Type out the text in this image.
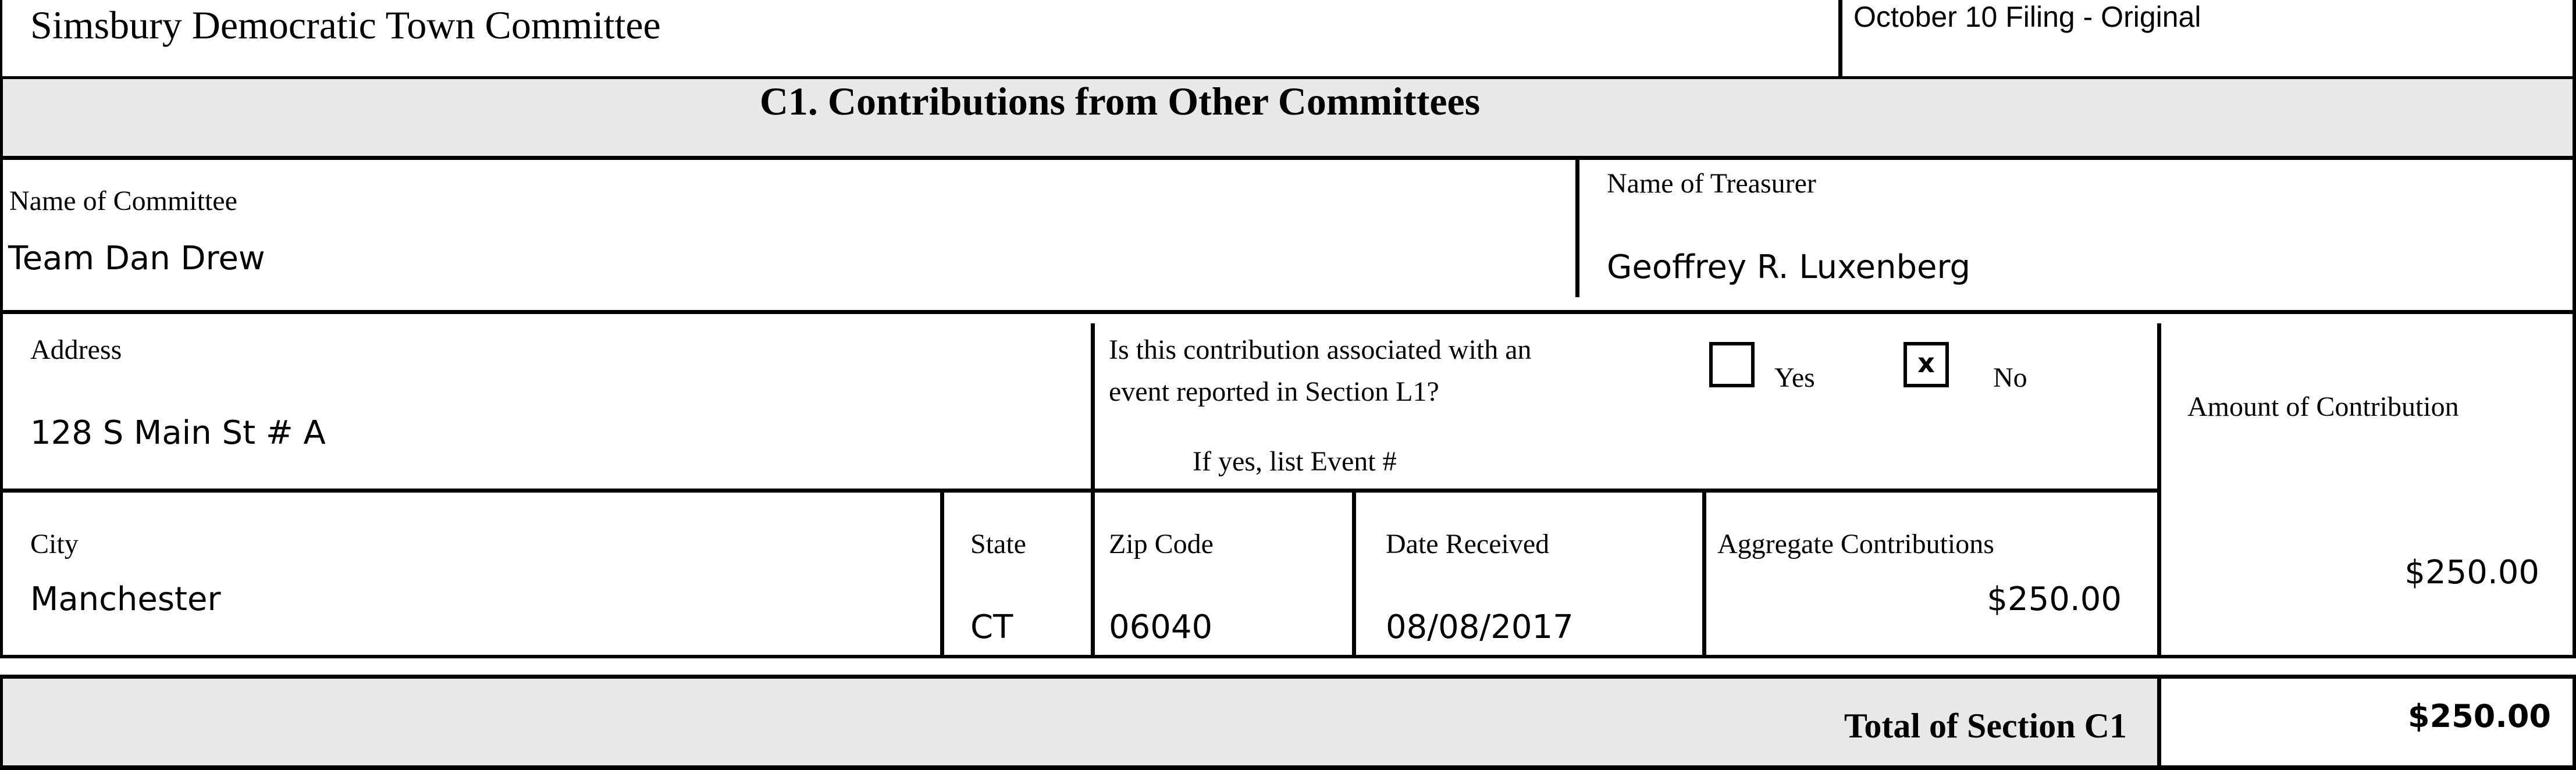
Simsbury Democratic Town Committee	October 10 Filing - Original
C1. Contributions from Other Committees
Name of Committee
Team Dan Drew
Name of Treasurer
Geoffrey R. Luxenberg
Address
128 S Main St # A
Is this contribution associated with an
event reported in Section L1?	Yes	x	No
If yes, list Event #
Amount of Contribution
$250.00
City
Manchester
State
CT
Zip Code
06040
Date Received
08/08/2017
Aggregate Contributions
$250.00
Total of Section C1	$250.00
